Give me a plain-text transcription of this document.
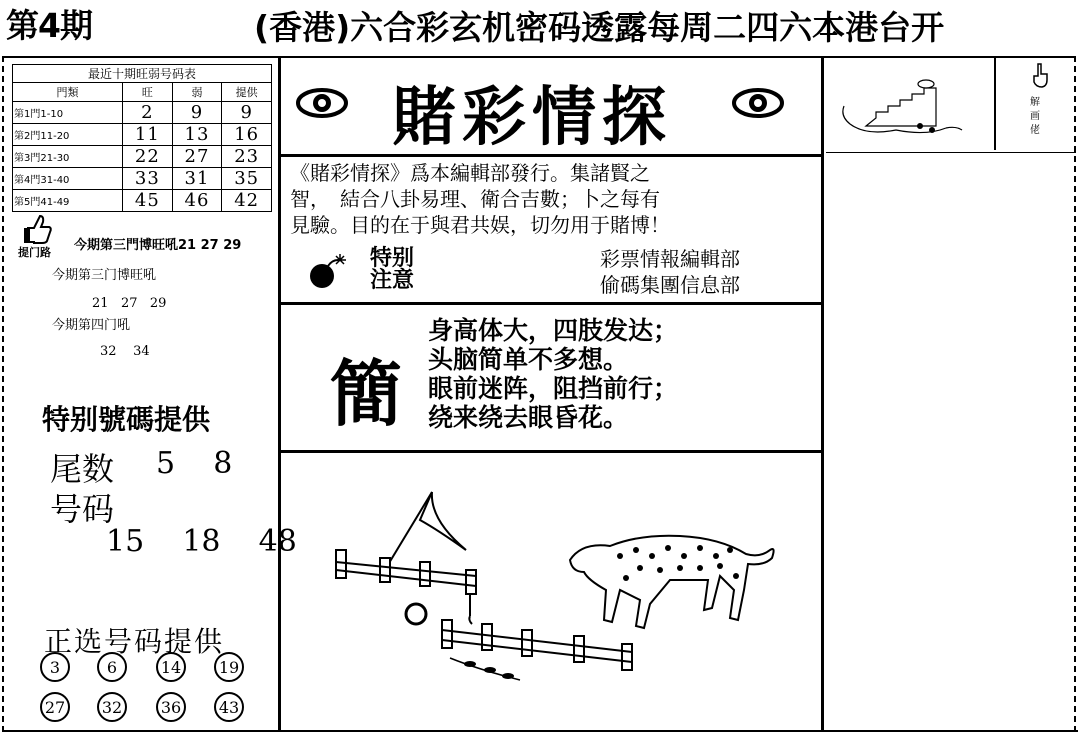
第4期	(香港)六合彩玄机密码透露每周二四六本港台开
最近十期旺弱号码表			
門類	旺	弱	提供
第1門1-10	2	9	9
第2門11-20	11	13	16
第3門21-30	22	27	23
第4門31-40	33	31	35
第5門41-49	45	46	42
提门路 今期第三門博旺吼21 27 29
今期第三门博旺吼
21   27   29
今期第四门吼
32    34
特别號碼提供
尾数 5    8
号码
15    18    48
正选号码提供
3	6	14	19
27	32	36	43
賭彩情探
《賭彩情探》爲本編輯部發行。集諸賢之
智，　結合八卦易理、衛合吉數；卜之每有
見驗。目的在于與君共娱，切勿用于賭博！
特别
注意
彩票情報編輯部
偷碼集團信息部
簡
身高体大，四肢发达；
头脑简单不多想。
眼前迷阵，阻挡前行；
绕来绕去眼昏花。
解画佬
